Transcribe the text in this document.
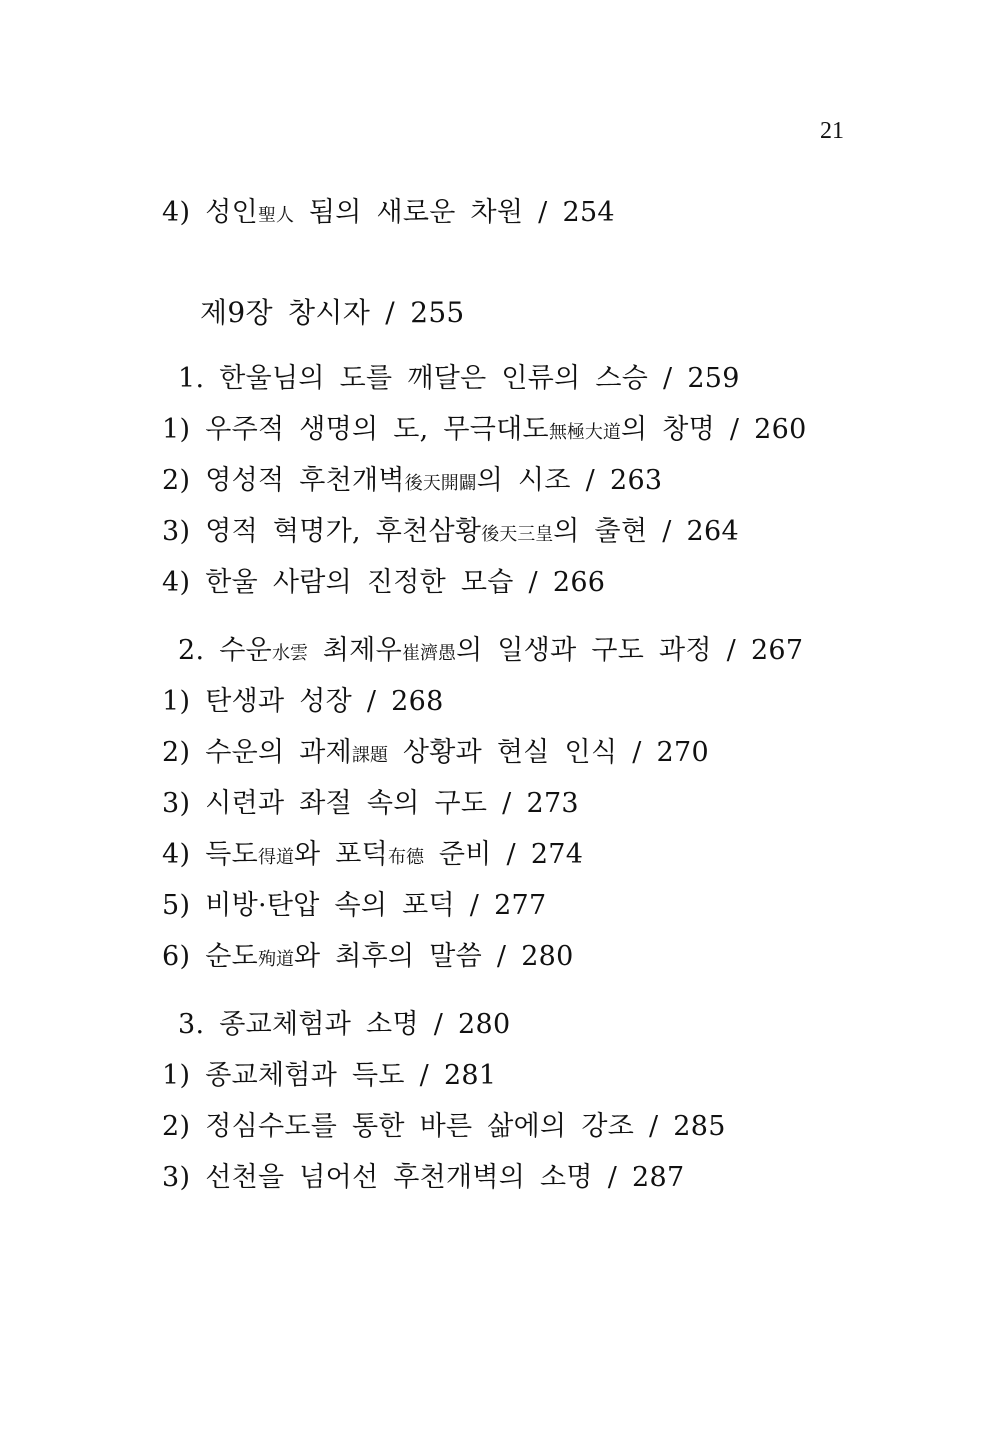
21
4) 성인聖人 됨의 새로운 차원 / 254
제9장 창시자 / 255
1. 한울님의 도를 깨달은 인류의 스승 / 259
1) 우주적 생명의 도, 무극대도無極大道의 창명 / 260
2) 영성적 후천개벽後天開闢의 시조 / 263
3) 영적 혁명가, 후천삼황後天三皇의 출현 / 264
4) 한울 사람의 진정한 모습 / 266
2. 수운水雲 최제우崔濟愚의 일생과 구도 과정 / 267
1) 탄생과 성장 / 268
2) 수운의 과제課題 상황과 현실 인식 / 270
3) 시련과 좌절 속의 구도 / 273
4) 득도得道와 포덕布德 준비 / 274
5) 비방·탄압 속의 포덕 / 277
6) 순도殉道와 최후의 말씀 / 280
3. 종교체험과 소명 / 280
1) 종교체험과 득도 / 281
2) 정심수도를 통한 바른 삶에의 강조 / 285
3) 선천을 넘어선 후천개벽의 소명 / 287
